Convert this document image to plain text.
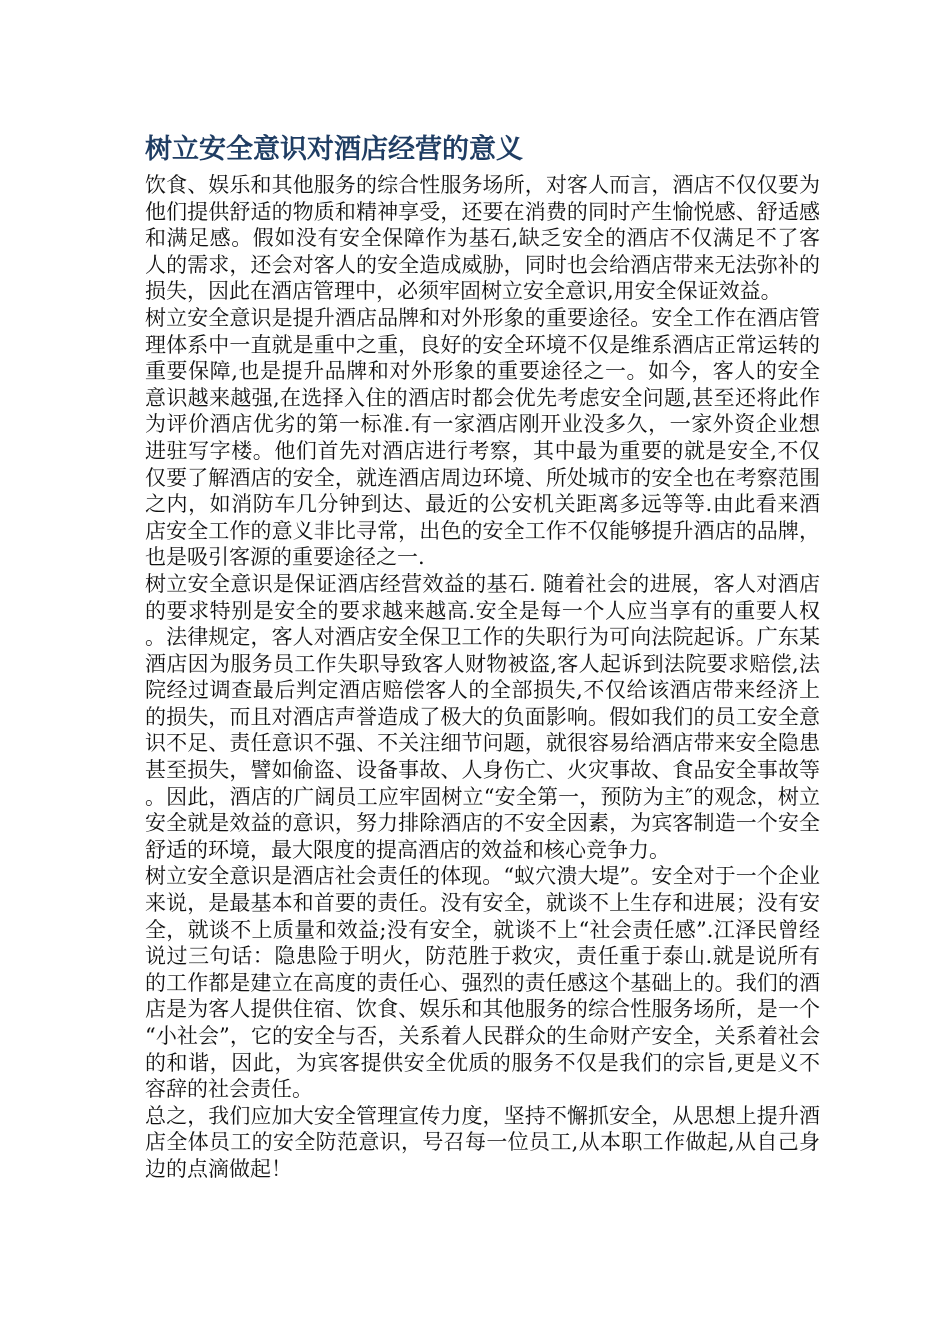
树立安全意识对酒店经营的意义

饮食、娱乐和其他服务的综合性服务场所，对客人而言，酒店不仅仅要为他们提供舒适的物质和精神享受，还要在消费的同时产生愉悦感、舒适感和满足感。假如没有安全保障作为基石,缺乏安全的酒店不仅满足不了客人的需求，还会对客人的安全造成威胁，同时也会给酒店带来无法弥补的损失，因此在酒店管理中，必须牢固树立安全意识,用安全保证效益。

树立安全意识是提升酒店品牌和对外形象的重要途径。安全工作在酒店管理体系中一直就是重中之重，良好的安全环境不仅是维系酒店正常运转的重要保障,也是提升品牌和对外形象的重要途径之一。如今，客人的安全意识越来越强,在选择入住的酒店时都会优先考虑安全问题,甚至还将此作为评价酒店优劣的第一标准.有一家酒店刚开业没多久，一家外资企业想进驻写字楼。他们首先对酒店进行考察，其中最为重要的就是安全,不仅仅要了解酒店的安全，就连酒店周边环境、所处城市的安全也在考察范围之内，如消防车几分钟到达、最近的公安机关距离多远等等.由此看来酒店安全工作的意义非比寻常，出色的安全工作不仅能够提升酒店的品牌，也是吸引客源的重要途径之一.

树立安全意识是保证酒店经营效益的基石. 随着社会的进展，客人对酒店的要求特别是安全的要求越来越高.安全是每一个人应当享有的重要人权。法律规定，客人对酒店安全保卫工作的失职行为可向法院起诉。广东某酒店因为服务员工作失职导致客人财物被盗,客人起诉到法院要求赔偿,法院经过调查最后判定酒店赔偿客人的全部损失,不仅给该酒店带来经济上的损失，而且对酒店声誉造成了极大的负面影响。假如我们的员工安全意识不足、责任意识不强、不关注细节问题，就很容易给酒店带来安全隐患甚至损失，譬如偷盗、设备事故、人身伤亡、火灾事故、食品安全事故等。因此，酒店的广阔员工应牢固树立“安全第一，预防为主″的观念，树立安全就是效益的意识，努力排除酒店的不安全因素，为宾客制造一个安全舒适的环境，最大限度的提高酒店的效益和核心竞争力。

树立安全意识是酒店社会责任的体现。“蚁穴溃大堤”。安全对于一个企业来说，是最基本和首要的责任。没有安全，就谈不上生存和进展；没有安全，就谈不上质量和效益;没有安全，就谈不上“社会责任感”.江泽民曾经说过三句话：隐患险于明火，防范胜于救灾，责任重于泰山.就是说所有的工作都是建立在高度的责任心、强烈的责任感这个基础上的。我们的酒店是为客人提供住宿、饮食、娱乐和其他服务的综合性服务场所，是一个“小社会”，它的安全与否，关系着人民群众的生命财产安全，关系着社会的和谐，因此，为宾客提供安全优质的服务不仅是我们的宗旨,更是义不容辞的社会责任。

总之，我们应加大安全管理宣传力度，坚持不懈抓安全，从思想上提升酒店全体员工的安全防范意识，号召每一位员工,从本职工作做起,从自己身边的点滴做起！
